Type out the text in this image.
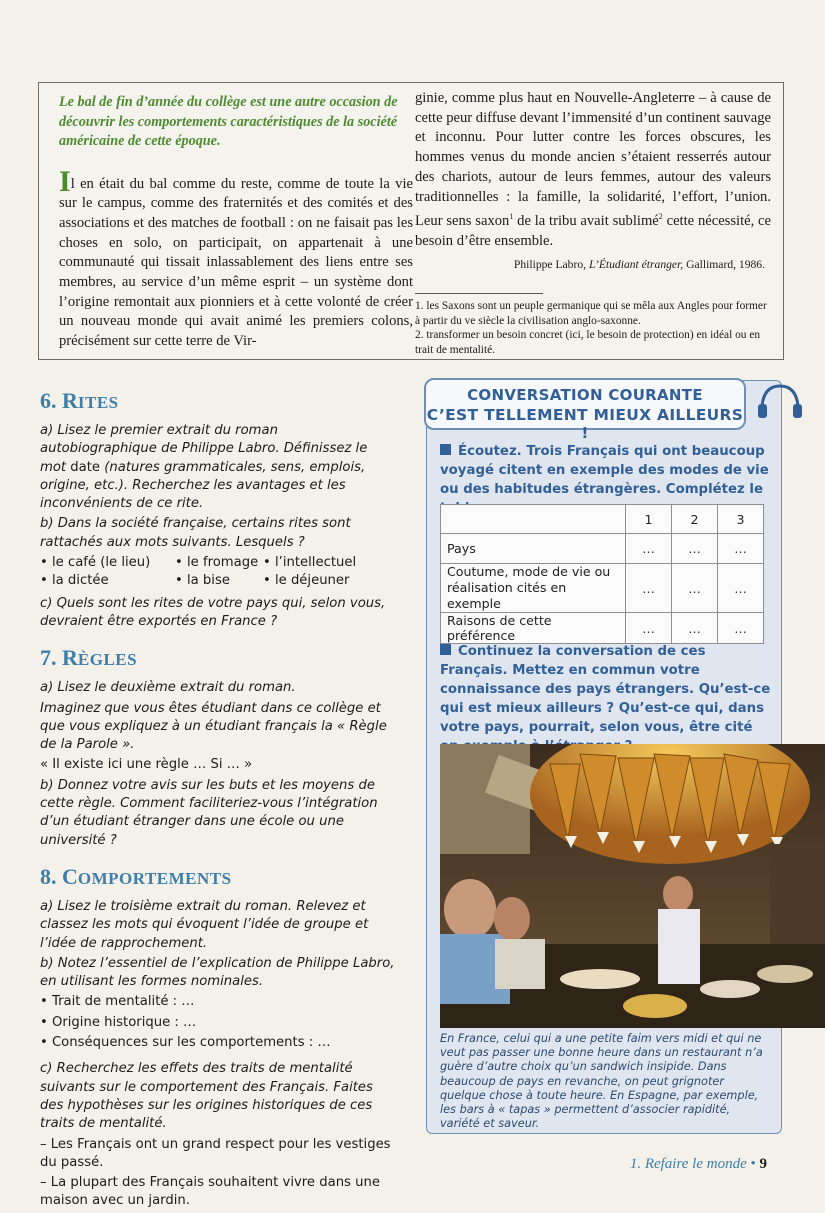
Le bal de fin d’année du collège est une autre occasion de découvrir les comportements caractéristiques de la société américaine de cette époque.

Il en était du bal comme du reste, comme de toute la vie sur le campus, comme des fraternités et des comités et des associations et des matches de football : on ne faisait pas les choses en solo, on participait, on appartenait à une communauté qui tissait inlassablement des liens entre ses membres, au service d’un même esprit – un système dont l’origine remontait aux pionniers et à cette volonté de créer un nouveau monde qui avait animé les premiers colons, précisément sur cette terre de Vir-

ginie, comme plus haut en Nouvelle-Angleterre – à cause de cette peur diffuse devant l’immensité d’un continent sauvage et inconnu. Pour lutter contre les forces obscures, les hommes venus du monde ancien s’étaient resserrés autour des chariots, autour de leurs femmes, autour des valeurs traditionnelles : la famille, la solidarité, l’effort, l’union. Leur sens saxon$^1$ de la tribu avait sublimé$^2$ cette nécessité, ce besoin d’être ensemble.

Philippe Labro, L’Étudiant étranger, Gallimard, 1986.

1. les Saxons sont un peuple germanique qui se mêla aux Angles pour former à partir du ve siècle la civilisation anglo-saxonne.

2. transformer un besoin concret (ici, le besoin de protection) en idéal ou en trait de mentalité.

6. RITES

a) Lisez le premier extrait du roman autobiographique de Philippe Labro. Définissez le mot date (natures grammaticales, sens, emplois, origine, etc.). Recherchez les avantages et les inconvénients de ce rite.

b) Dans la société française, certains rites sont rattachés aux mots suivants. Lesquels ?

• le café (le lieu)	• le fromage • l’intellectuel
• la dictée	• la bise	• le déjeuner

c) Quels sont les rites de votre pays qui, selon vous, devraient être exportés en France ?

7. RÈGLES

a) Lisez le deuxième extrait du roman.

Imaginez que vous êtes étudiant dans ce collège et que vous expliquez à un étudiant français la « Règle de la Parole ».

« Il existe ici une règle … Si … »

b) Donnez votre avis sur les buts et les moyens de cette règle. Comment faciliteriez-vous l’intégration d’un étudiant étranger dans une école ou une université ?

8. COMPORTEMENTS

a) Lisez le troisième extrait du roman. Relevez et classez les mots qui évoquent l’idée de groupe et l’idée de rapprochement.

b) Notez l’essentiel de l’explication de Philippe Labro, en utilisant les formes nominales.

• Trait de mentalité : …

• Origine historique : …

• Conséquences sur les comportements : …

c) Recherchez les effets des traits de mentalité suivants sur le comportement des Français. Faites des hypothèses sur les origines historiques de ces traits de mentalité.

– Les Français ont un grand respect pour les vestiges du passé.

– La plupart des Français souhaitent vivre dans une maison avec un jardin.

CONVERSATION COURANTE
C’EST TELLEMENT MIEUX AILLEURS !
Écoutez. Trois Français qui ont beaucoup voyagé citent en exemple des modes de vie ou des habitudes étrangères. Complétez le
	1	2	3
Pays	…	…	…
Coutume, mode de vie ou réalisation cités en exemple	…	…	…
Raisons de cette préférence	…	…	…
Continuez la conversation de ces Français. Mettez en commun votre connaissance des pays étrangers. Qu’est-ce qui est mieux ailleurs ? Qu’est-ce qui, dans votre pays, pourrait, selon vous, être cité
En France, celui qui a une petite faim vers midi et qui ne veut pas passer une bonne heure dans un restaurant n’a guère d’autre choix qu’un sandwich insipide. Dans beaucoup de pays en revanche, on peut grignoter quelque chose à toute heure. En Espagne, par exemple, les bars à « tapas » permettent d’associer rapidité, variété et saveur.
1. Refaire le monde • 9
